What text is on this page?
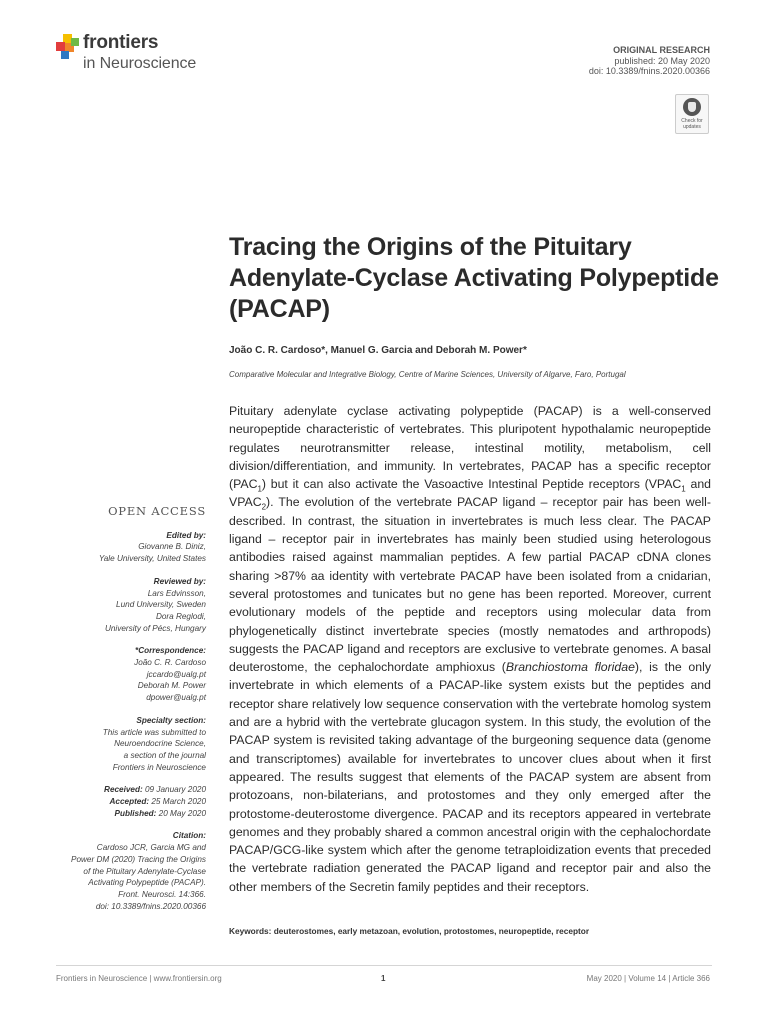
frontiers
in Neuroscience
ORIGINAL RESEARCH
published: 20 May 2020
doi: 10.3389/fnins.2020.00366
Check for updates
Tracing the Origins of the Pituitary Adenylate-Cyclase Activating Polypeptide (PACAP)
João C. R. Cardoso*, Manuel G. Garcia and Deborah M. Power*
Comparative Molecular and Integrative Biology, Centre of Marine Sciences, University of Algarve, Faro, Portugal

Pituitary adenylate cyclase activating polypeptide (PACAP) is a well-conserved neuropeptide characteristic of vertebrates. This pluripotent hypothalamic neuropeptide regulates neurotransmitter release, intestinal motility, metabolism, cell division/differentiation, and immunity. In vertebrates, PACAP has a specific receptor $(PAC_1)$ but it can also activate the Vasoactive Intestinal Peptide receptors ($VPAC_1$ and $VPAC_2$). The evolution of the vertebrate PACAP ligand – receptor pair has been well-described. In contrast, the situation in invertebrates is much less clear. The PACAP ligand – receptor pair in invertebrates has mainly been studied using heterologous antibodies raised against mammalian peptides. A few partial PACAP cDNA clones sharing >87% aa identity with vertebrate PACAP have been isolated from a cnidarian, several protostomes and tunicates but no gene has been reported. Moreover, current evolutionary models of the peptide and receptors using molecular data from phylogenetically distinct invertebrate species (mostly nematodes and arthropods) suggests the PACAP ligand and receptors are exclusive to vertebrate genomes. A basal deuterostome, the cephalochordate amphioxus (Branchiostoma floridae), is the only invertebrate in which elements of a PACAP-like system exists but the peptides and receptor share relatively low sequence conservation with the vertebrate homolog system and are a hybrid with the vertebrate glucagon system. In this study, the evolution of the PACAP system is revisited taking advantage of the burgeoning sequence data (genome and transcriptomes) available for invertebrates to uncover clues about when it first appeared. The results suggest that elements of the PACAP system are absent from protozoans, non-bilaterians, and protostomes and they only emerged after the protostome-deuterostome divergence. PACAP and its receptors appeared in vertebrate genomes and they probably shared a common ancestral origin with the cephalochordate PACAP/GCG-like system which after the genome tetraploidization events that preceded the vertebrate radiation generated the PACAP ligand and receptor pair and also the other members of the Secretin family peptides and their receptors.

Keywords: deuterostomes, early metazoan, evolution, protostomes, neuropeptide, receptor
OPEN ACCESS
Edited by:
Giovanne B. Diniz,
Yale University, United States
Reviewed by:
Lars Edvinsson,
Lund University, Sweden
Dora Reglodi,
University of Pécs, Hungary
*Correspondence:
João C. R. Cardoso
jccardo@ualg.pt
Deborah M. Power
dpower@ualg.pt
Specialty section:
This article was submitted to
Neuroendocrine Science,
a section of the journal
Frontiers in Neuroscience
Received: 09 January 2020
Accepted: 25 March 2020
Published: 20 May 2020
Citation:
Cardoso JCR, Garcia MG and
Power DM (2020) Tracing the Origins
of the Pituitary Adenylate-Cyclase
Activating Polypeptide (PACAP).
Front. Neurosci. 14:366.
doi: 10.3389/fnins.2020.00366
Frontiers in Neuroscience | www.frontiersin.org	1	May 2020 | Volume 14 | Article 366
